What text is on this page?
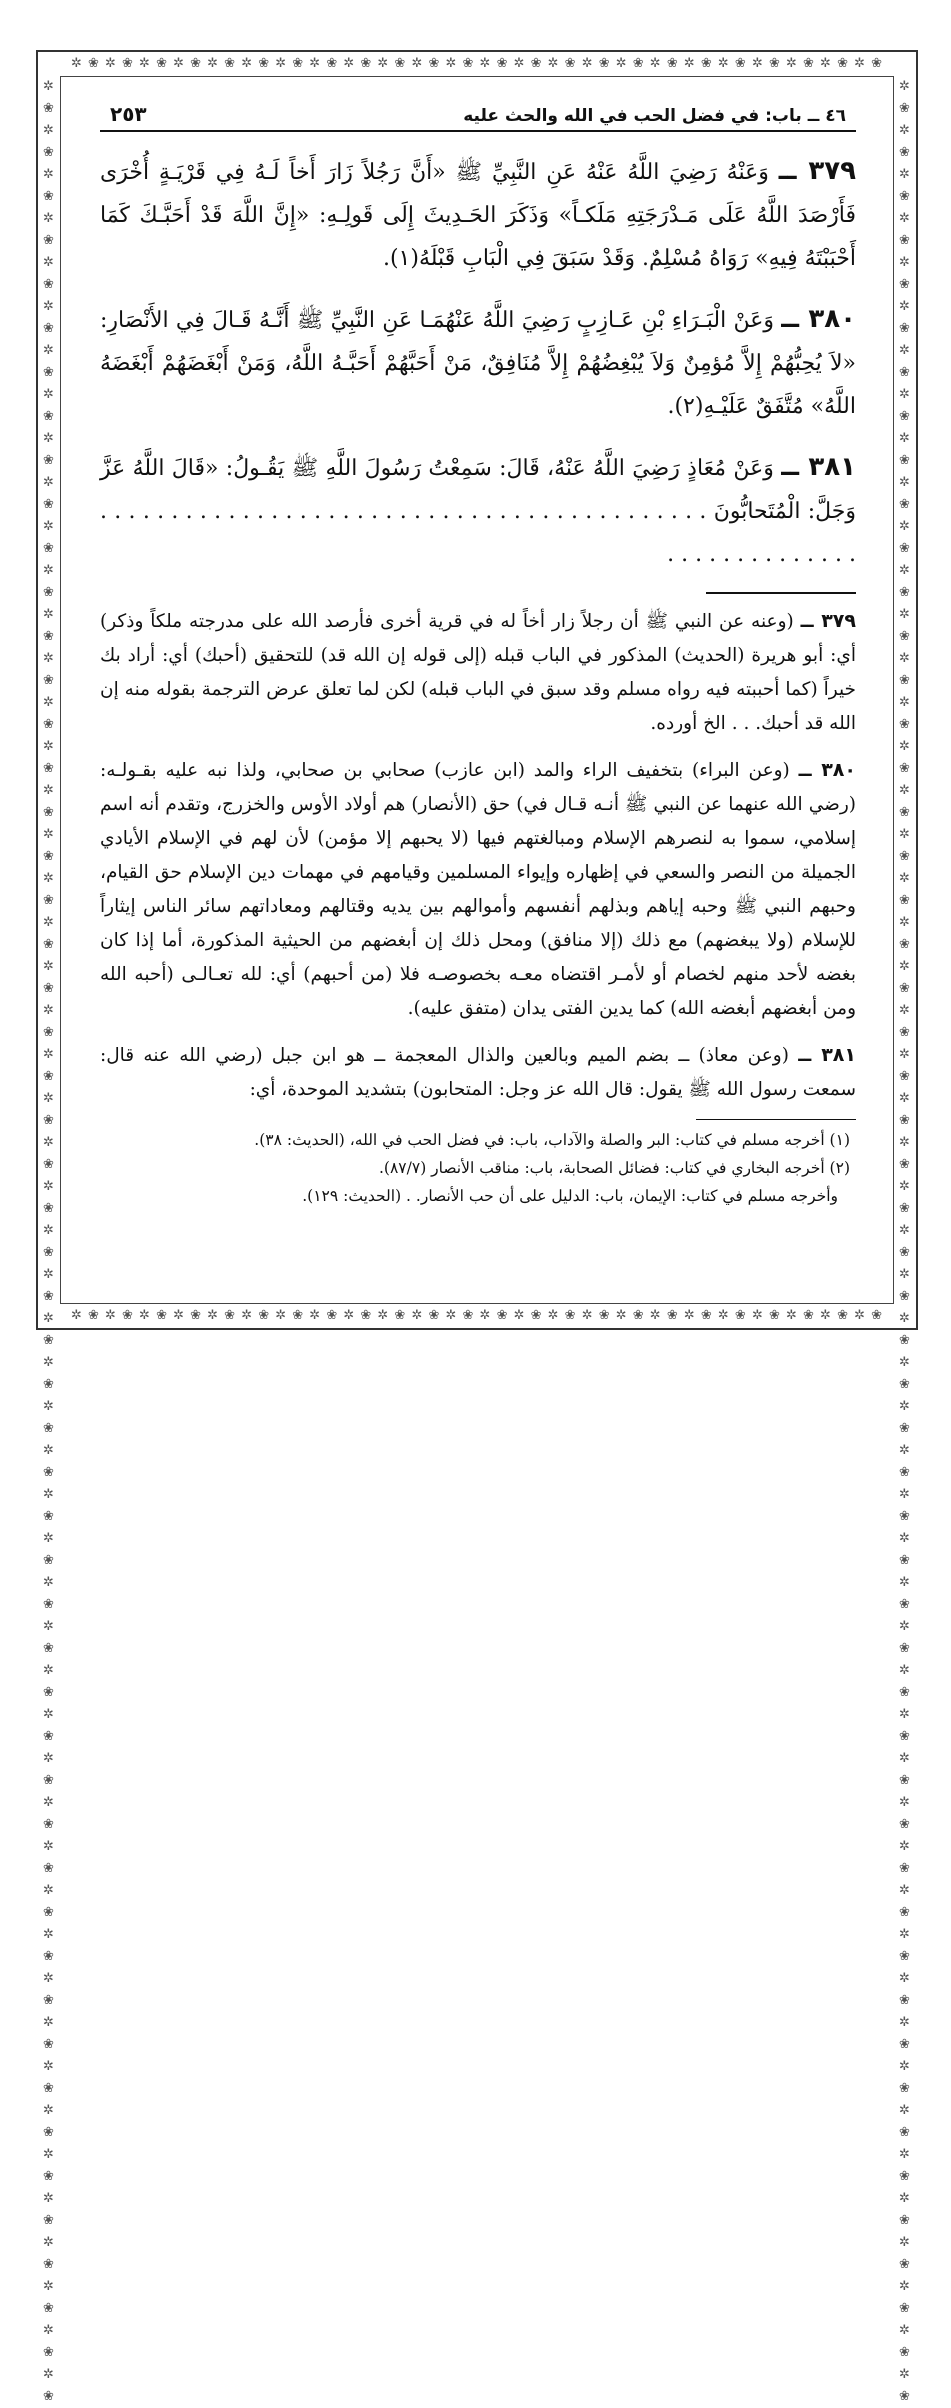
✲ ❀ ✲ ❀ ✲ ❀ ✲ ❀ ✲ ❀ ✲ ❀ ✲ ❀ ✲ ❀ ✲ ❀ ✲ ❀ ✲ ❀ ✲ ❀ ✲ ❀ ✲ ❀ ✲ ❀ ✲ ❀ ✲ ❀ ✲ ❀ ✲ ❀ ✲ ❀ ✲ ❀ ✲ ❀ ✲ ❀ ✲ ❀
✲ ❀ ✲ ❀ ✲ ❀ ✲ ❀ ✲ ❀ ✲ ❀ ✲ ❀ ✲ ❀ ✲ ❀ ✲ ❀ ✲ ❀ ✲ ❀ ✲ ❀ ✲ ❀ ✲ ❀ ✲ ❀ ✲ ❀ ✲ ❀ ✲ ❀ ✲ ❀ ✲ ❀ ✲ ❀ ✲ ❀ ✲ ❀
✲❀✲❀✲❀✲❀✲❀✲❀✲❀✲❀✲❀✲❀✲❀✲❀✲❀✲❀✲❀✲❀✲❀✲❀✲❀✲❀✲❀✲❀✲❀✲❀✲❀✲❀✲❀✲❀✲❀✲❀✲❀✲❀✲❀✲❀✲❀✲❀✲❀✲❀✲❀✲❀✲❀✲❀✲❀✲❀✲❀✲❀✲❀✲❀✲❀✲❀✲❀✲❀✲❀
✲❀✲❀✲❀✲❀✲❀✲❀✲❀✲❀✲❀✲❀✲❀✲❀✲❀✲❀✲❀✲❀✲❀✲❀✲❀✲❀✲❀✲❀✲❀✲❀✲❀✲❀✲❀✲❀✲❀✲❀✲❀✲❀✲❀✲❀✲❀✲❀✲❀✲❀✲❀✲❀✲❀✲❀✲❀✲❀✲❀✲❀✲❀✲❀✲❀✲❀✲❀✲❀✲❀
٤٦ ــ باب: في فضل الحب في الله والحث عليه
٢٥٣
٣٧٩ ــ وَعَنْهُ رَضِيَ اللَّهُ عَنْهُ عَنِ النَّبِيِّ ﷺ «أَنَّ رَجُلاً زَارَ أَخاً لَـهُ فِي قَرْيَـةٍ أُخْرَى فَأَرْصَدَ اللَّهُ عَلَى مَـدْرَجَتِهِ مَلَكـاً» وَذَكَرَ الحَـدِيثَ إِلَى قَولِـهِ: «إِنَّ اللَّهَ قَدْ أَحَبَّـكَ كَمَا أَحْبَبْتَهُ فِيهِ» رَوَاهُ مُسْلِمٌ. وَقَدْ سَبَقَ فِي الْبَابِ قَبْلَهُ(١).
٣٨٠ ــ وَعَنْ الْبَـرَاءِ بْنِ عَـازِبٍ رَضِيَ اللَّهُ عَنْهُمَـا عَنِ النَّبِيِّ ﷺ أَنَّـهُ قَـالَ فِي الأَنْصَارِ: «لاَ يُحِبُّهُمْ إِلاَّ مُؤمِنٌ وَلاَ يُبْغِضُهُمْ إِلاَّ مُنَافِقٌ، مَنْ أَحَبَّهُمْ أَحَبَّـهُ اللَّهُ، وَمَنْ أَبْغَضَهُمْ أَبْغَضَهُ اللَّهُ» مُتَّفَقٌ عَلَيْـهِ(٢).
٣٨١ ــ وَعَنْ مُعَاذٍ رَضِيَ اللَّهُ عَنْهُ، قَالَ: سَمِعْتُ رَسُولَ اللَّهِ ﷺ يَقُـولُ: «قَالَ اللَّهُ عَزَّ وَجَلَّ: الْمُتَحابُّونَ . . . . . . . . . . . . . . . . . . . . . . . . . . . . . . . . . . . . . . . . . . . . . . . . . . . . . . . . .

٣٧٩ ــ (وعنه عن النبي ﷺ أن رجلاً زار أخاً له في قرية أخرى فأرصد الله على مدرجته ملكاً وذكر) أي: أبو هريرة (الحديث) المذكور في الباب قبله (إلى قوله إن الله قد) للتحقيق (أحبك) أي: أراد بك خيراً (كما أحببته فيه رواه مسلم وقد سبق في الباب قبله) لكن لما تعلق عرض الترجمة بقوله منه إن الله قد أحبك. . . الخ أورده.

٣٨٠ ــ (وعن البراء) بتخفيف الراء والمد (ابن عازب) صحابي بن صحابي، ولذا نبه عليه بقـولـه: (رضي الله عنهما عن النبي ﷺ أنـه قـال في) حق (الأنصار) هم أولاد الأوس والخزرج، وتقدم أنه اسم إسلامي، سموا به لنصرهم الإسلام ومبالغتهم فيها (لا يحبهم إلا مؤمن) لأن لهم في الإسلام الأيادي الجميلة من النصر والسعي في إظهاره وإيواء المسلمين وقيامهم في مهمات دين الإسلام حق القيام، وحبهم النبي ﷺ وحبه إياهم وبذلهم أنفسهم وأموالهم بين يديه وقتالهم ومعاداتهم سائر الناس إيثاراً للإسلام (ولا يبغضهم) مع ذلك (إلا منافق) ومحل ذلك إن أبغضهم من الحيثية المذكورة، أما إذا كان بغضه لأحد منهم لخصام أو لأمـر اقتضاه معـه بخصوصـه فلا (من أحبهم) أي: لله تعـالـى (أحبه الله ومن أبغضهم أبغضه الله) كما يدين الفتى يدان (متفق عليه).

٣٨١ ــ (وعن معاذ) ــ بضم الميم وبالعين والذال المعجمة ــ هو ابن جبل (رضي الله عنه قال: سمعت رسول الله ﷺ يقول: قال الله عز وجل: المتحابون) بتشديد الموحدة، أي:

(١) أخرجه مسلم في كتاب: البر والصلة والآداب، باب: في فضل الحب في الله، (الحديث: ٣٨).

(٢) أخرجه البخاري في كتاب: فضائل الصحابة، باب: مناقب الأنصار (٨٧/٧).

وأخرجه مسلم في كتاب: الإيمان، باب: الدليل على أن حب الأنصار. . (الحديث: ١٢٩).
